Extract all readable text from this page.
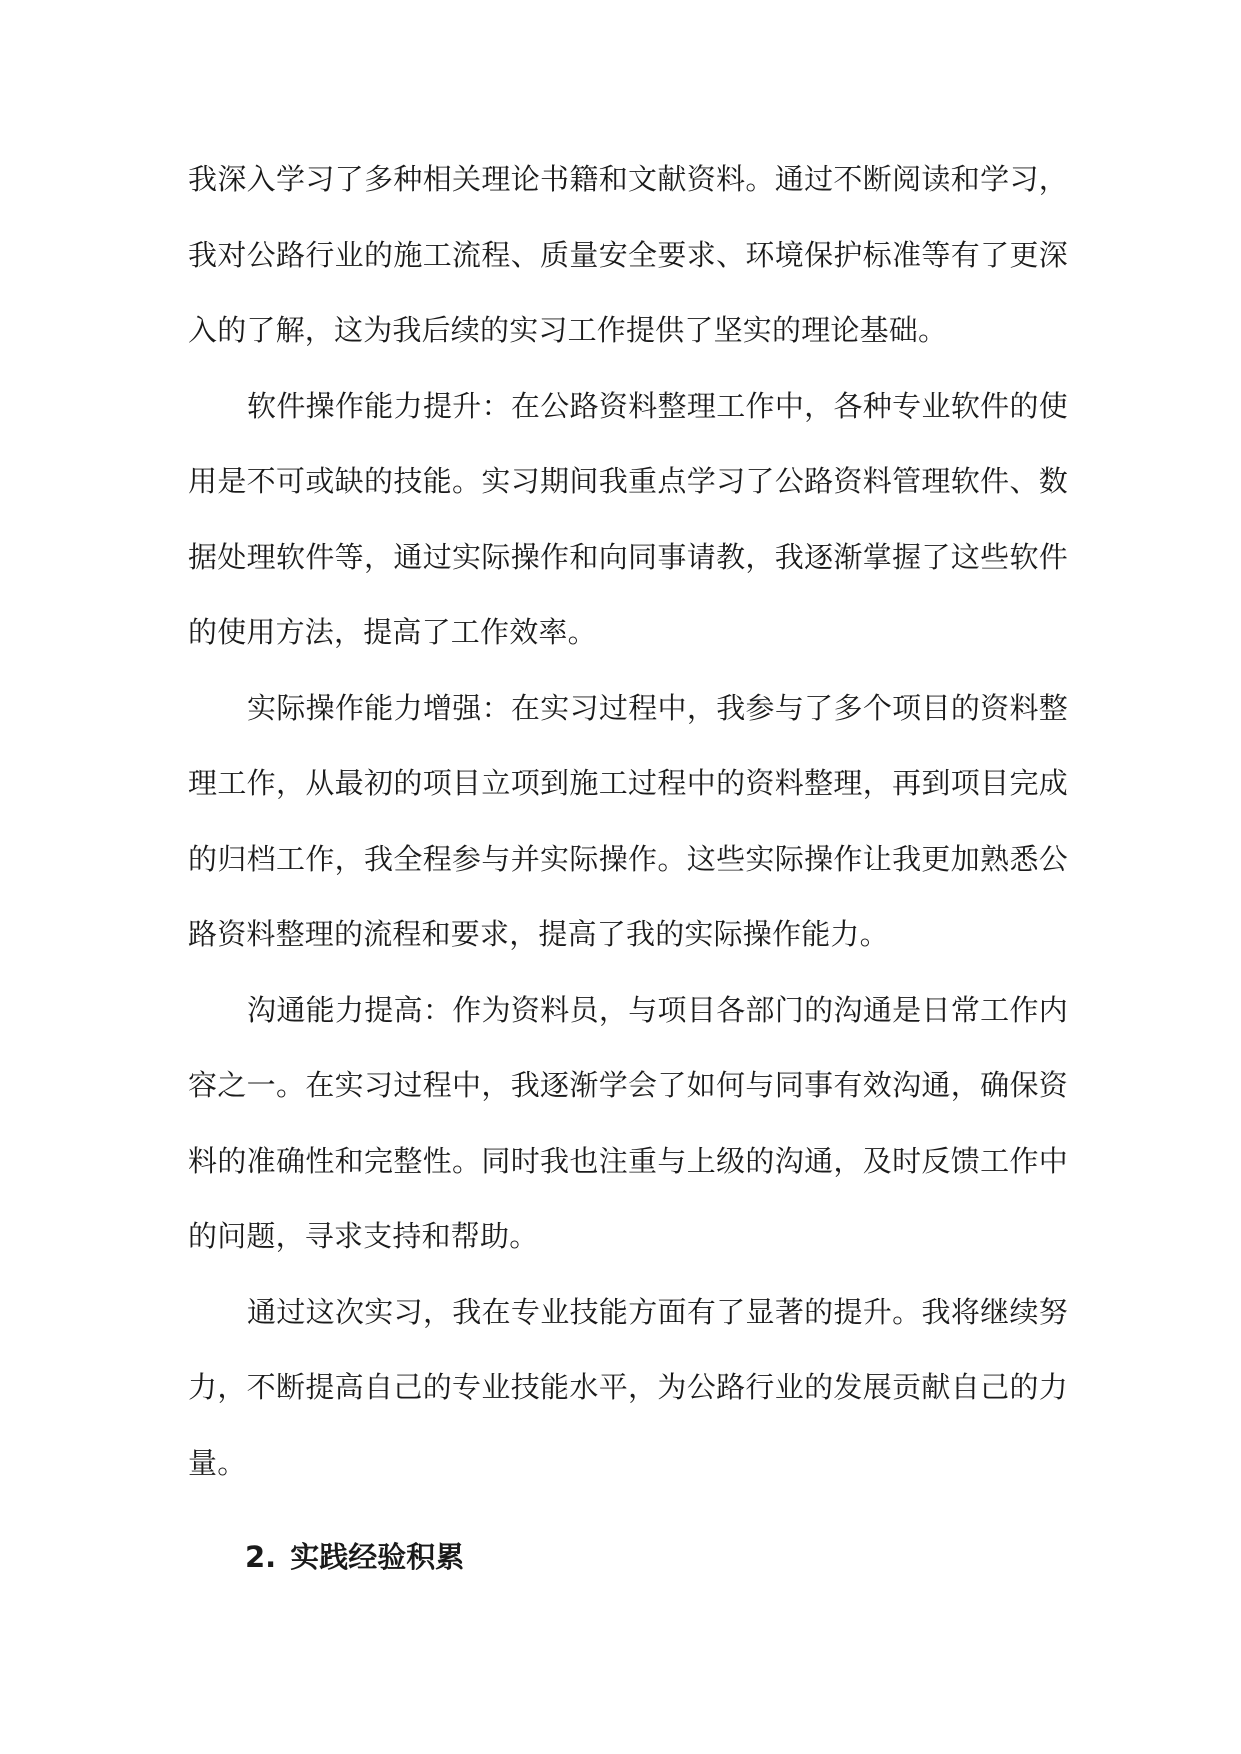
我深入学习了多种相关理论书籍和文献资料。通过不断阅读和学习，我对公路行业的施工流程、质量安全要求、环境保护标准等有了更深入的了解，这为我后续的实习工作提供了坚实的理论基础。

软件操作能力提升：在公路资料整理工作中，各种专业软件的使用是不可或缺的技能。实习期间我重点学习了公路资料管理软件、数据处理软件等，通过实际操作和向同事请教，我逐渐掌握了这些软件的使用方法，提高了工作效率。

实际操作能力增强：在实习过程中，我参与了多个项目的资料整理工作，从最初的项目立项到施工过程中的资料整理，再到项目完成的归档工作，我全程参与并实际操作。这些实际操作让我更加熟悉公路资料整理的流程和要求，提高了我的实际操作能力。

沟通能力提高：作为资料员，与项目各部门的沟通是日常工作内容之一。在实习过程中，我逐渐学会了如何与同事有效沟通，确保资料的准确性和完整性。同时我也注重与上级的沟通，及时反馈工作中的问题，寻求支持和帮助。

通过这次实习，我在专业技能方面有了显著的提升。我将继续努力，不断提高自己的专业技能水平，为公路行业的发展贡献自己的力量。

2. 实践经验积累
